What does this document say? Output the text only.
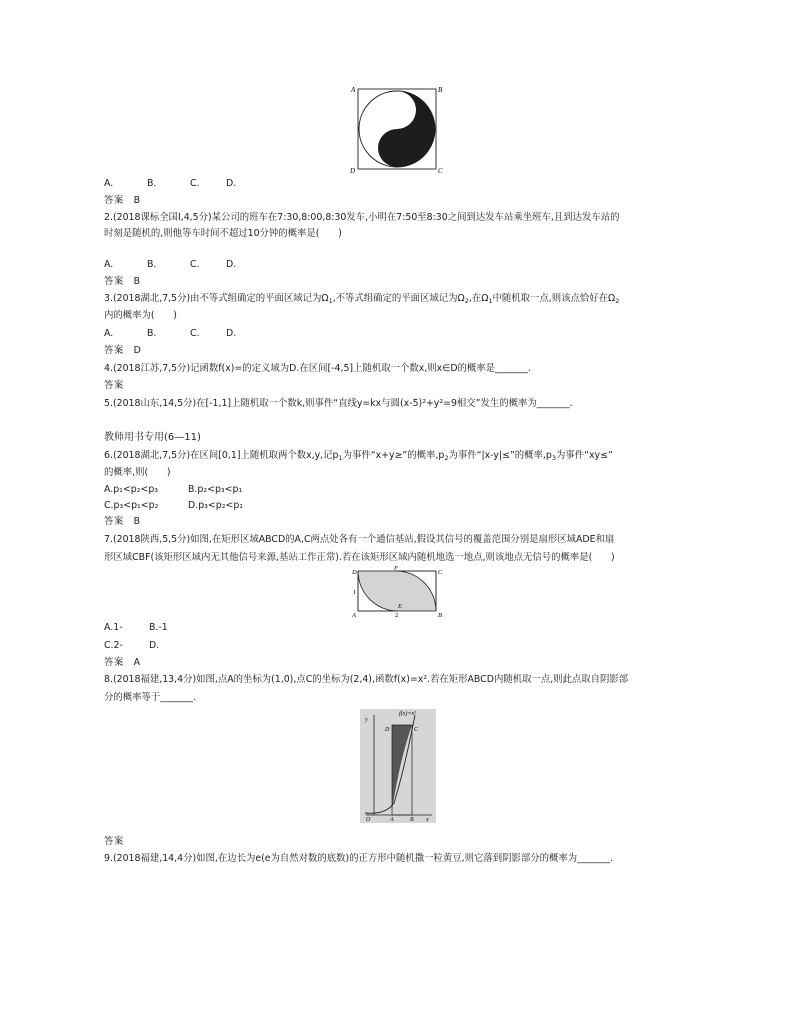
A	B
D	C
A.	B.	C.	D.
答案　B
2.(2018课标全国Ⅰ,4,5分)某公司的班车在7:30,8:00,8:30发车,小明在7:50至8:30之间到达发车站乘坐班车,且到达发车站的
时刻是随机的,则他等车时间不超过10分钟的概率是(　　)
A.	B.	C.	D.
答案　B
3.(2018湖北,7,5分)由不等式组确定的平面区域记为$\Omega_1$,不等式组确定的平面区域记为$\Omega_2$,在$\Omega_1$中随机取一点,则该点恰好在$\Omega_2$
内的概率为(　　)
A.	B.	C.	D.
答案　D
4.(2018江苏,7,5分)记函数f(x)=的定义域为D.在区间[-4,5]上随机取一个数x,则x∈D的概率是_______.
答案
5.(2018山东,14,5分)在[-1,1]上随机取一个数k,则事件“直线y=kx与圆(x-5)²+y²=9相交”发生的概率为_______.
教师用书专用(6—11)
6.(2018湖北,7,5分)在区间[0,1]上随机取两个数x,y,记$p_1$为事件“x+y≥”的概率$,p_2$为事件“|x-y|≤”的概率$,p_3$为事件“xy≤”
的概率,则(　　)
A.p₁<p₂<p₃	B.p₂<p₃<p₁
C.p₃<p₁<p₂	D.p₃<p₂<p₁
答案　B
7.(2018陕西,5,5分)如图,在矩形区域ABCD的A,C两点处各有一个通信基站,假设其信号的覆盖范围分别是扇形区域ADE和扇
形区域CBF(该矩形区域内无其他信号来源,基站工作正常).若在该矩形区域内随机地选一地点,则该地点无信号的概率是(　　)
D
F
C
1
E
A	2	B
A.1-	B.-1
C.2-	D.
答案　A
8.(2018福建,13,4分)如图,点A的坐标为(1,0),点C的坐标为(2,4),函数f(x)=x².若在矩形ABCD内随机取一点,则此点取自阴影部
分的概率等于_______.
f(x)=x²
y
D	C
O	A	B x
答案
9.(2018福建,14,4分)如图,在边长为e(e为自然对数的底数)的正方形中随机撒一粒黄豆,则它落到阴影部分的概率为_______.
